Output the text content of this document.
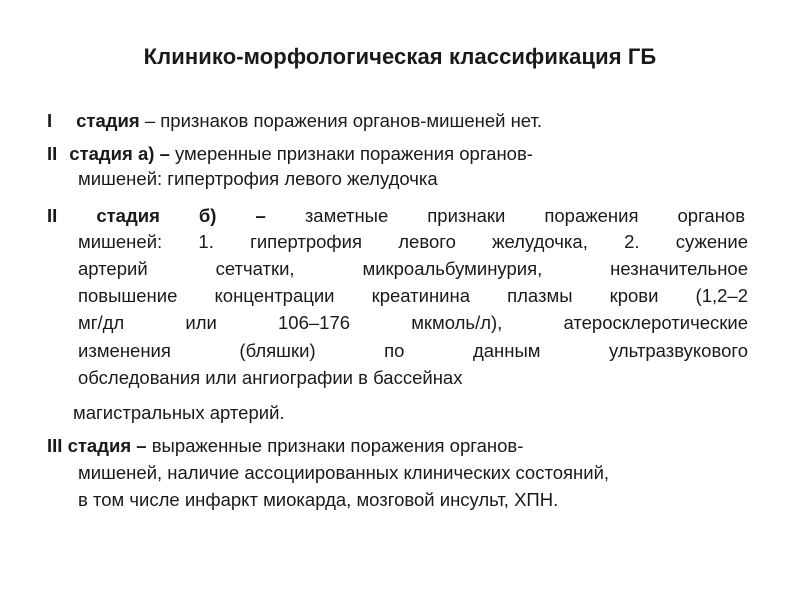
Клинико-морфологическая классификация ГБ
I стадия – признаков поражения органов-мишеней нет.
II стадия а) – умеренные признаки поражения органов-
мишеней: гипертрофия левого желудочка
II стадия б) – заметные признаки поражения органов
мишеней: 1. гипертрофия левого желудочка, 2. сужение
артерий сетчатки, микроальбуминурия, незначительное
повышение концентрации креатинина плазмы крови (1,2–2
мг/дл или 106–176 мкмоль/л), атеросклеротические
изменения (бляшки) по данным ультразвукового
обследования или ангиографии в бассейнах
магистральных артерий.
III стадия – выраженные признаки поражения органов-
мишеней, наличие ассоциированных клинических состояний,
в том числе инфаркт миокарда, мозговой инсульт, ХПН.
